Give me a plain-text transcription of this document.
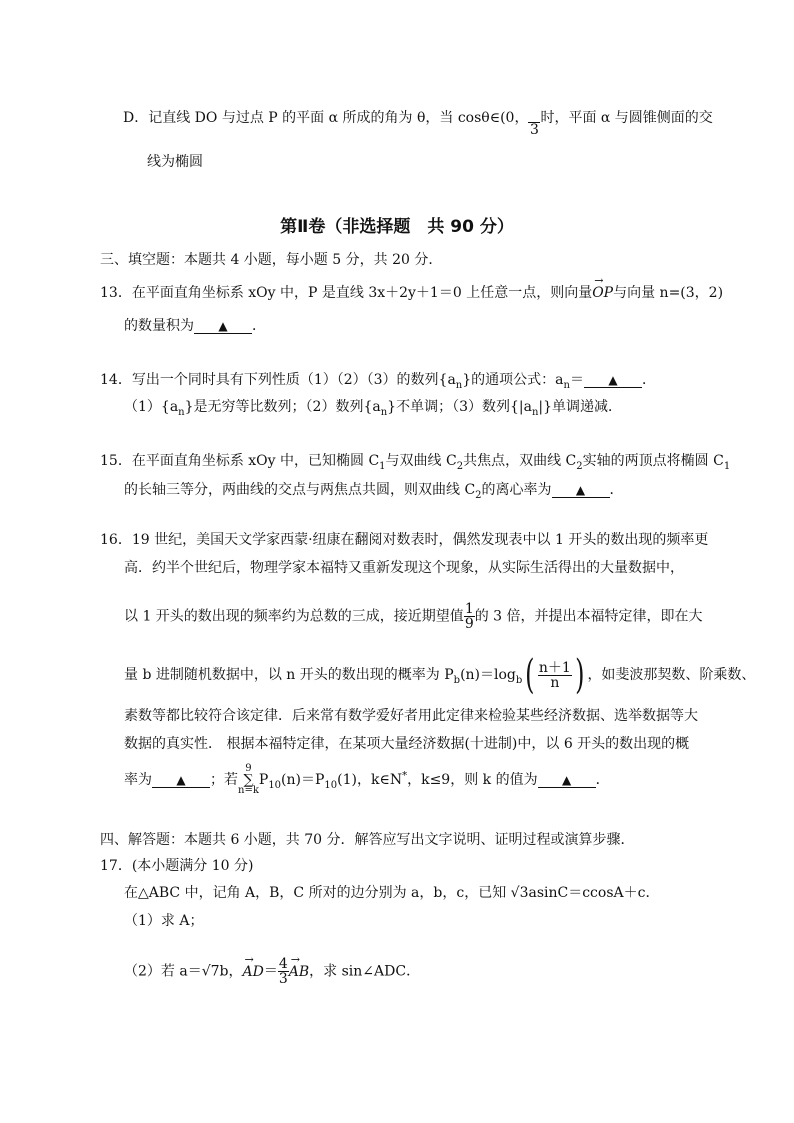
D．记直线 DO 与过点 P 的平面 α 所成的角为 θ，当 cosθ∈(0，

3
时，平面 α 与圆锥侧面的交
线为椭圆
第Ⅱ卷（非选择题　共 90 分）
三、填空题：本题共 4 小题，每小题 5 分，共 20 分．
13．在平面直角坐标系 xOy 中，P 是直线 3x＋2y＋1＝0 上任意一点，则向量→ OP与向量 n=(3，2)
的数量积为 ▲ ．
14．写出一个同时具有下列性质（1）（2）（3）的数列$\{a_n\}$的通项公式：$a_n=$ ▲ ．
$(1)\{a_n\}$是无穷等比数列；（2）数列$\{a_n\}$不单调；（3）数列$\{|a_n|\}$单调递减．
15．在平面直角坐标系 xOy 中，已知椭圆 $C_1$与双曲线 $C_2$共焦点，双曲线 $C_2$实轴的两顶点将椭圆 $C_1$
的长轴三等分，两曲线的交点与两焦点共圆，则双曲线 $C_2$的离心率为 ▲ ．
16．19 世纪，美国天文学家西蒙·纽康在翻阅对数表时，偶然发现表中以 1 开头的数出现的频率更
高．约半个世纪后，物理学家本福特又重新发现这个现象，从实际生活得出的大量数据中，
以 1 开头的数出现的频率约为总数的三成，接近期望值 $\frac{1}{9}$ 的 3 倍，并提出本福特定律，即在大
量 b 进制随机数据中，以 n 开头的数出现的概率为 $P_b(n)=\log_b( \frac{n+1}{n}$ ) ，如斐波那契数、阶乘数、
素数等都比较符合该定律．后来常有数学爱好者用此定律来检验某些经济数据、选举数据等大
数据的真实性． 根据本福特定律，在某项大量经济数据(十进制)中，以 6 开头的数出现的概
率为 ▲ ；若
9
∑
n=k
$P_{10}(n)=P_{10}(1)$，k∈N*，k≤9，则 k 的值为 ▲ ．
四、解答题：本题共 6 小题，共 70 分．解答应写出文字说明、证明过程或演算步骤．
17．(本小题满分 10 分)
在△ABC 中，记角 A，B，C 所对的边分别为 a，b，c，已知 √3asinC＝ccosA＋c．
（1）求 A；
（2）若 a＝√7b，→ $AD= \frac{4}{3}$
→ AB，求 sin∠ADC．
